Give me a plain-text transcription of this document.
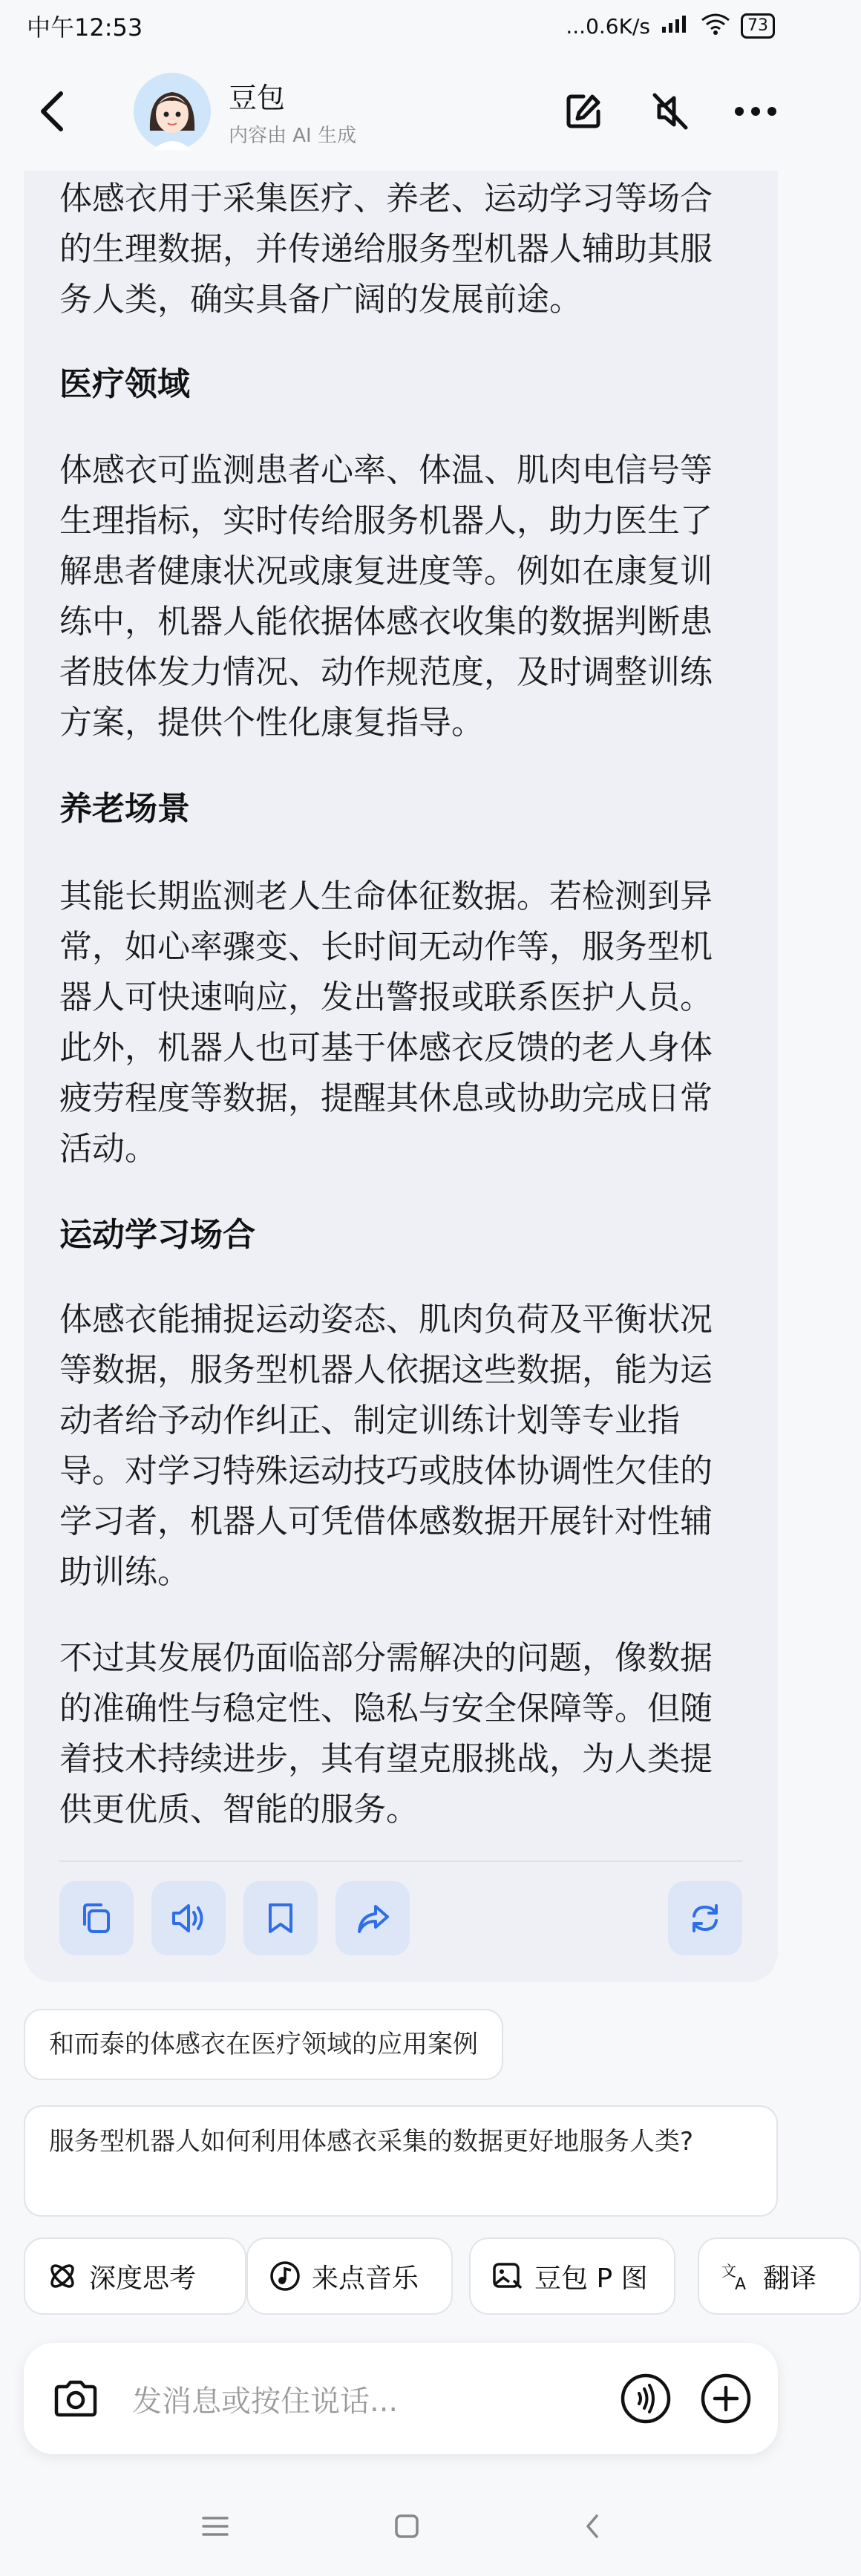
中午12:53	...0.6K/s	73
豆包
内容由 AI 生成

体感衣用于采集医疗、养老、运动学习等场合的生理数据，并传递给服务型机器人辅助其服务人类，确实具备广阔的发展前途。

医疗领域

体感衣可监测患者心率、体温、肌肉电信号等生理指标，实时传给服务机器人，助力医生了解患者健康状况或康复进度等。例如在康复训练中，机器人能依据体感衣收集的数据判断患者肢体发力情况、动作规范度，及时调整训练方案，提供个性化康复指导。

养老场景

其能长期监测老人生命体征数据。若检测到异常，如心率骤变、长时间无动作等，服务型机器人可快速响应，发出警报或联系医护人员。此外，机器人也可基于体感衣反馈的老人身体疲劳程度等数据，提醒其休息或协助完成日常活动。

运动学习场合

体感衣能捕捉运动姿态、肌肉负荷及平衡状况等数据，服务型机器人依据这些数据，能为运动者给予动作纠正、制定训练计划等专业指导。对学习特殊运动技巧或肢体协调性欠佳的学习者，机器人可凭借体感数据开展针对性辅助训练。

不过其发展仍面临部分需解决的问题，像数据的准确性与稳定性、隐私与安全保障等。但随着技术持续进步，其有望克服挑战，为人类提供更优质、智能的服务。

和而泰的体感衣在医疗领域的应用案例
服务型机器人如何利用体感衣采集的数据更好地服务人类?
深度思考	来点音乐	豆包 P 图	文
A 翻译
发消息或按住说话...
